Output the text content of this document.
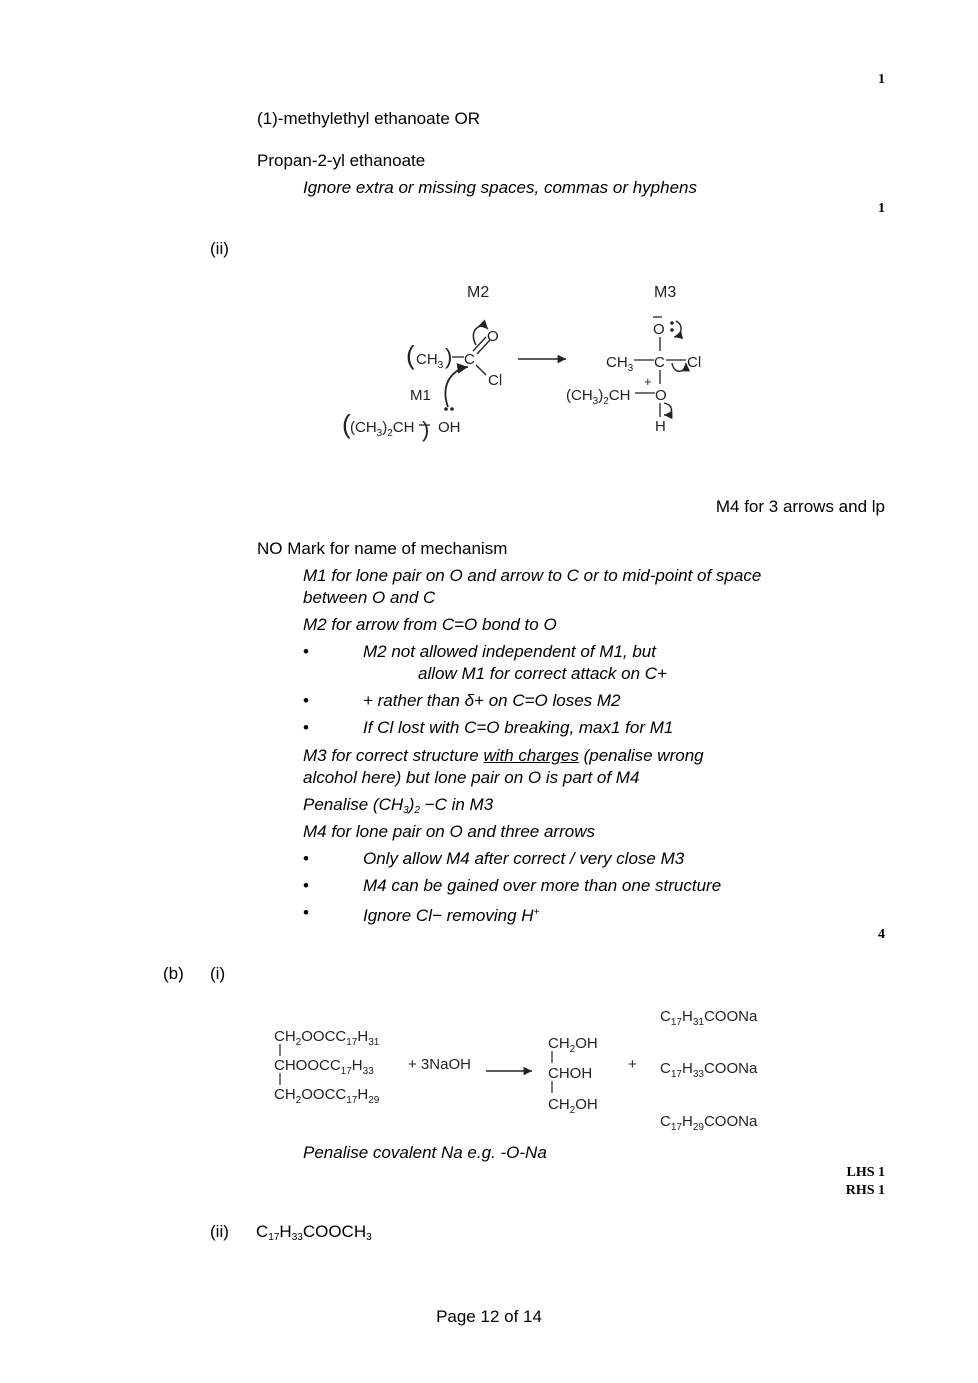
1
1
4
LHS 1
RHS 1
(1)-methylethyl ethanoate OR
Propan-2-yl ethanoate
Ignore extra or missing spaces, commas or hyphens
(ii)
M2	M3
( $CH_3$ ) C
O
Cl
M1
( $(CH_3)_2CH$ ) OH
O
$CH_3$ C Cl
+
$(CH_3)_2CH$ O
H
M4 for 3 arrows and lp
NO Mark for name of mechanism
M1 for lone pair on O and arrow to C or to mid-point of space
between O and C
M2 for arrow from C=O bond to O
•	M2 not allowed independent of M1, but
allow M1 for correct attack on C+
•	+ rather than δ+ on C=O loses M2
•	If Cl lost with C=O breaking, max1 for M1
M3 for correct structure with charges (penalise wrong
alcohol here) but lone pair on O is part of M4
Penalise $(CH_3)_2 -C$ in M3
M4 for lone pair on O and three arrows
•	Only allow M4 after correct / very close M3
•	M4 can be gained over more than one structure
•	Ignore Cl− removing H+
(b) (i)
$CH_2OOCC_{17}H_{31}$
$CHOOCC_{17}H_{33}$
$CH_2OOCC_{17}H_{29}$
+ 3NaOH
$CH_2OH$
CHOH
$CH_2OH$
+
$C_{17}H_{31}COONa$
$C_{17}H_{33}COONa$
$C_{17}H_{29}COONa$
Penalise covalent Na e.g. -O-Na
(ii) $C_{17}H_{33}COOCH_3$
Page 12 of 14
